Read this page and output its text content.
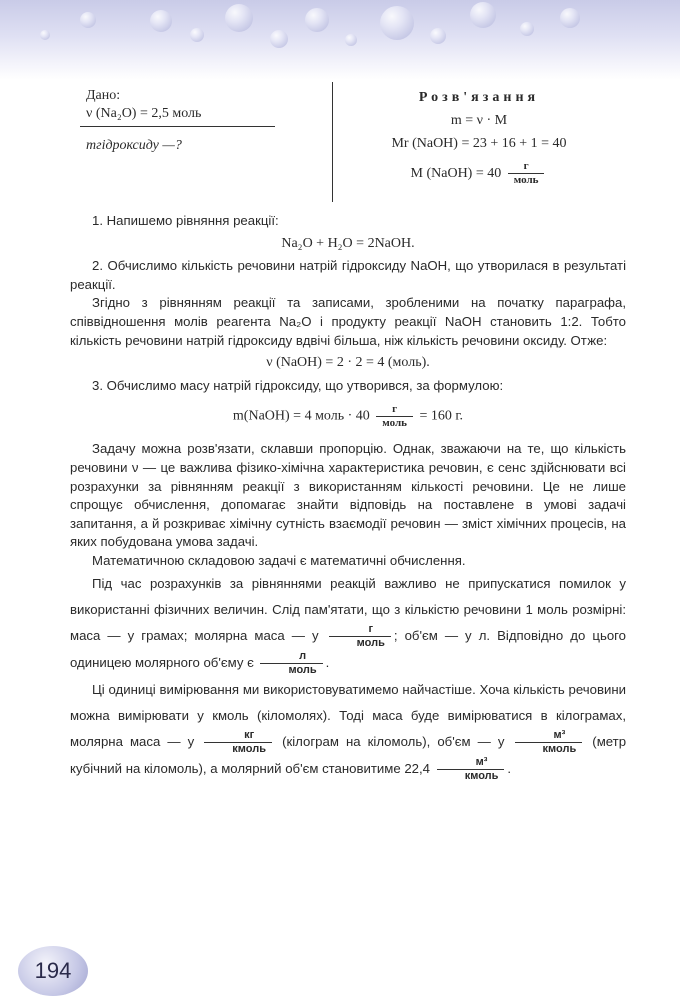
Дано:
ν (Na₂O) = 2,5 моль
mгідроксиду —?
Розв'язання
m = ν · M
Mr (NaOH) = 23 + 16 + 1 = 40
M (NaOH) = $40 \frac{г}{\text{моль}}$

1. Напишемо рівняння реакції:

Na₂O + H₂O = 2NaOH.

2. Обчислимо кількість речовини натрій гідроксиду NaOH, що утворилася в результаті реакції.

Згідно з рівнянням реакції та записами, зробленими на початку параграфа, співвідношення молів реагента Na₂O і продукту реакції NaOH становить 1:2. Тобто кількість речовини натрій гідроксиду вдвічі більша, ніж кількість речовини оксиду. Отже:

ν (NaOH) = 2 · 2 = 4 (моль).

3. Обчислимо масу натрій гідроксиду, що утворився, за формулою:

m(NaOH) = 4 моль · $40 \frac{г}{\text{моль}} = 160$ г.

Задачу можна розв'язати, склавши пропорцію. Однак, зважаючи на те, що кількість речовини ν — це важлива фізико-хімічна характеристика речовин, є сенс здійснювати всі розрахунки за рівнянням реакції з використанням кількості речовини. Це не лише спрощує обчислення, допомагає знайти відповідь на поставлене в умові задачі запитання, а й розкриває хімічну сутність взаємодії речовин — зміст хімічних процесів, на яких побудована умова задачі.

Математичною складовою задачі є математичні обчислення.

Під час розрахунків за рівняннями реакцій важливо не припускатися помилок у використанні фізичних величин. Слід пам'ятати, що з кількістю речовини 1 моль розмірні: маса — у грамах; молярна маса — у $\frac{г}{\text{моль}}$ ; об'єм — у л. Відповідно до цього одиницею молярного об'єму є $\frac{л}{\text{моль}}$ .

Ці одиниці вимірювання ми використовуватимемо найчастіше. Хоча кількість речовини можна вимірювати у кмоль (кіломолях). Тоді маса буде вимірюватися в кілограмах, молярна маса — у $\frac{кг}{\text{кмоль}}$ (кілограм на кіломоль), об'єм — у $\frac{\text{м³}}{\text{кмоль}}$ (метр кубічний на кіломоль), а молярний об'єм становитиме $22,4 \frac{\text{м³}}{\text{кмоль}}$ .

194
